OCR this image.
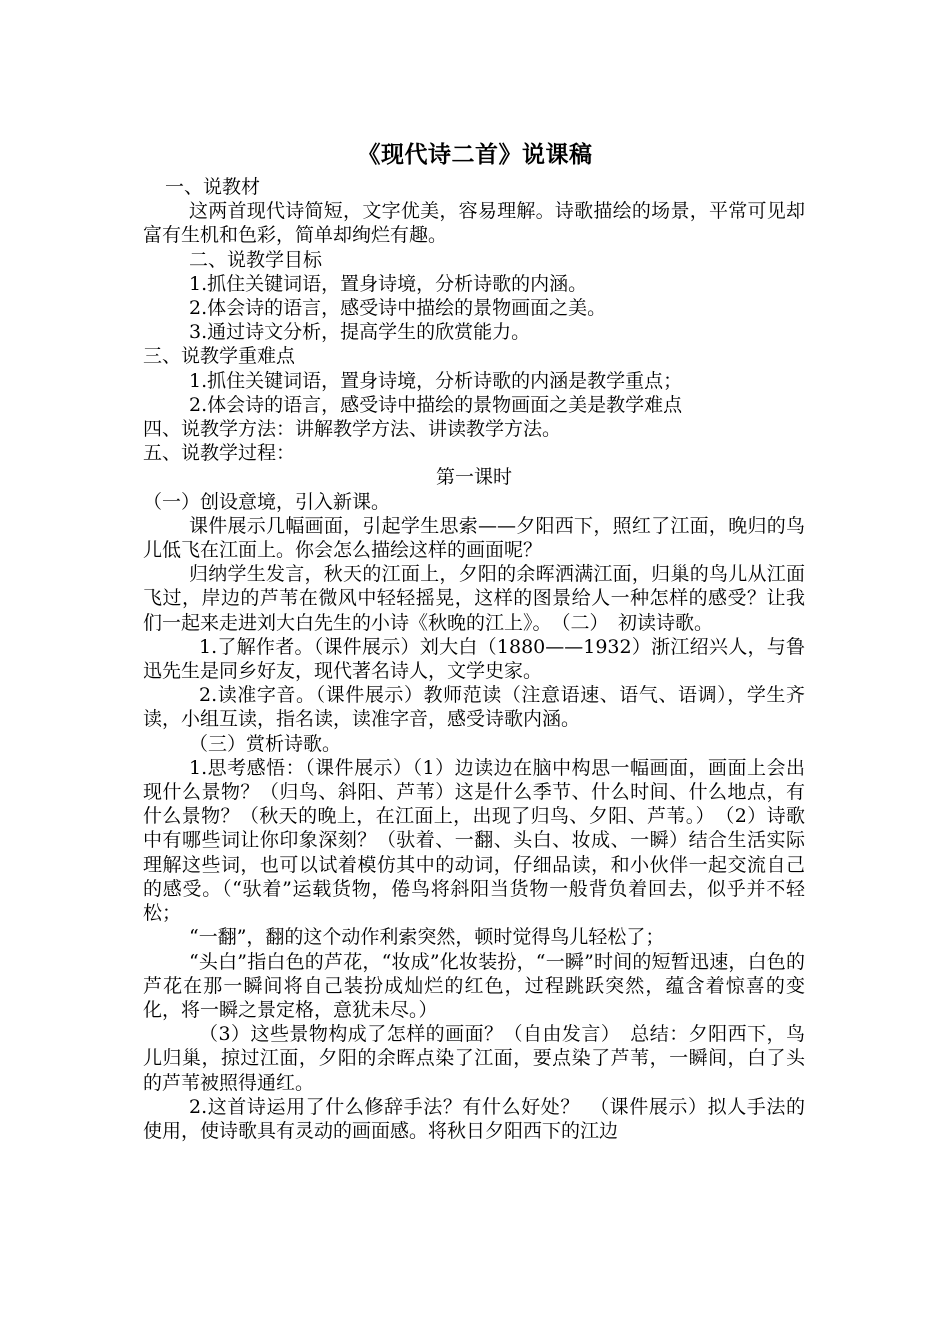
《现代诗二首》说课稿

一、说教材

这两首现代诗简短，文字优美，容易理解。诗歌描绘的场景，平常可见却富有生机和色彩，简单却绚烂有趣。

二、说教学目标

1.抓住关键词语，置身诗境，分析诗歌的内涵。

2.体会诗的语言，感受诗中描绘的景物画面之美。

3.通过诗文分析，提高学生的欣赏能力。

三、说教学重难点

1.抓住关键词语，置身诗境，分析诗歌的内涵是教学重点；

2.体会诗的语言，感受诗中描绘的景物画面之美是教学难点

四、说教学方法：讲解教学方法、讲读教学方法。

五、说教学过程：

第一课时

（一）创设意境，引入新课。

课件展示几幅画面，引起学生思索——夕阳西下，照红了江面，晚归的鸟儿低飞在江面上。你会怎么描绘这样的画面呢？

归纳学生发言，秋天的江面上，夕阳的余晖洒满江面，归巢的鸟儿从江面飞过，岸边的芦苇在微风中轻轻摇晃，这样的图景给人一种怎样的感受？让我们一起来走进刘大白先生的小诗《秋晚的江上》。　（二）　初读诗歌。

1.了解作者。（课件展示）刘大白（1880——1932）浙江绍兴人，与鲁迅先生是同乡好友，现代著名诗人，文学史家。

2.读准字音。（课件展示）教师范读（注意语速、语气、语调），学生齐读，小组互读，指名读，读准字音，感受诗歌内涵。

（三）赏析诗歌。

1.思考感悟：（课件展示）（1）边读边在脑中构思一幅画面，画面上会出现什么景物？（归鸟、斜阳、芦苇）这是什么季节、什么时间、什么地点，有什么景物？（秋天的晚上，在江面上，出现了归鸟、夕阳、芦苇。）　（2）诗歌中有哪些词让你印象深刻？（驮着、一翻、头白、妆成、一瞬）结合生活实际理解这些词，也可以试着模仿其中的动词，仔细品读，和小伙伴一起交流自己的感受。（“驮着”运载货物，倦鸟将斜阳当货物一般背负着回去，似乎并不轻松；

“一翻”，翻的这个动作利索突然，顿时觉得鸟儿轻松了；

“头白”指白色的芦花，“妆成”化妆装扮，“一瞬”时间的短暂迅速，白色的芦花在那一瞬间将自己装扮成灿烂的红色，过程跳跃突然，蕴含着惊喜的变化，将一瞬之景定格，意犹未尽。）

（3）这些景物构成了怎样的画面？（自由发言）　总结：夕阳西下，鸟儿归巢，掠过江面，夕阳的余晖点染了江面，要点染了芦苇，一瞬间，白了头的芦苇被照得通红。

2.这首诗运用了什么修辞手法？有什么好处？　（课件展示）拟人手法的使用，使诗歌具有灵动的画面感。将秋日夕阳西下的江边
